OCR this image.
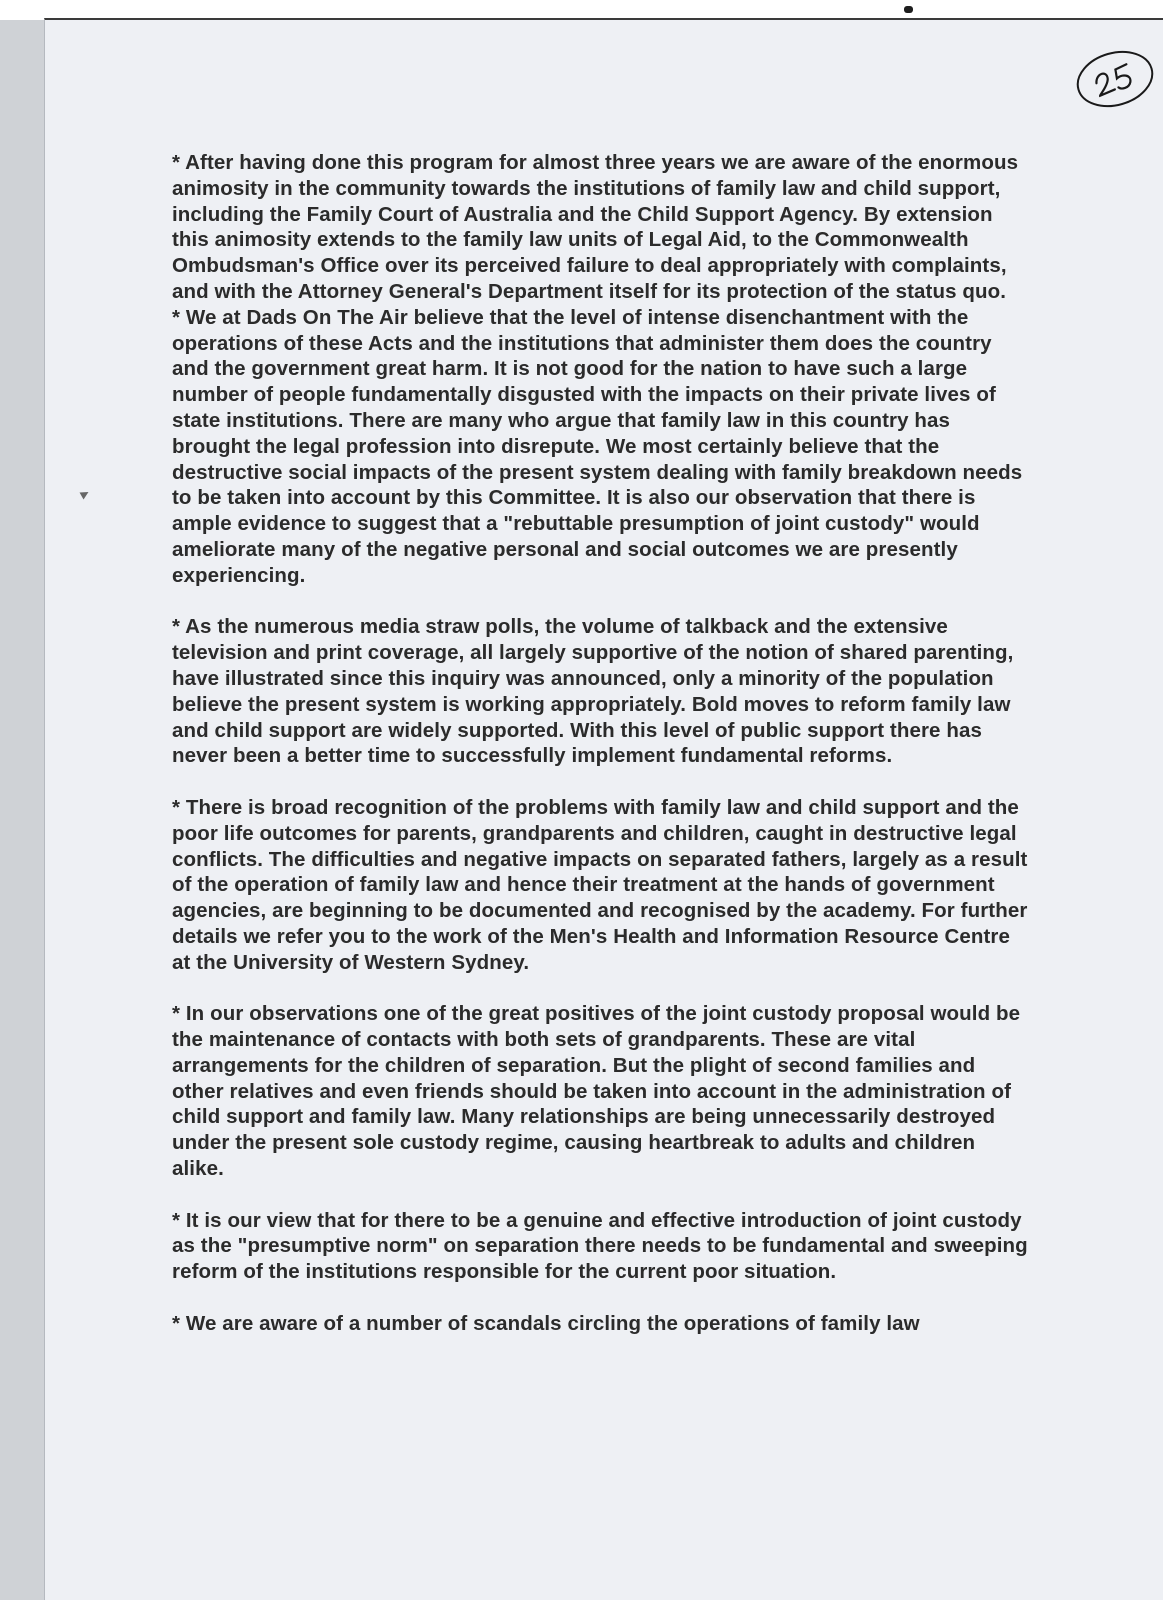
* After having done this program for almost three years we are aware of the enormous animosity in the community towards the institutions of family law and child support, including the Family Court of Australia and the Child Support Agency. By extension this animosity extends to the family law units of Legal Aid, to the Commonwealth Ombudsman's Office over its perceived failure to deal appropriately with complaints, and with the Attorney General's Department itself for its protection of the status quo.

* We at Dads On The Air believe that the level of intense disenchantment with the operations of these Acts and the institutions that administer them does the country and the government great harm. It is not good for the nation to have such a large number of people fundamentally disgusted with the impacts on their private lives of state institutions. There are many who argue that family law in this country has brought the legal profession into disrepute. We most certainly believe that the destructive social impacts of the present system dealing with family breakdown needs to be taken into account by this Committee. It is also our observation that there is ample evidence to suggest that a "rebuttable presumption of joint custody" would ameliorate many of the negative personal and social outcomes we are presently experiencing.

* As the numerous media straw polls, the volume of talkback and the extensive television and print coverage, all largely supportive of the notion of shared parenting, have illustrated since this inquiry was announced, only a minority of the population believe the present system is working appropriately. Bold moves to reform family law and child support are widely supported. With this level of public support there has never been a better time to successfully implement fundamental reforms.

* There is broad recognition of the problems with family law and child support and the poor life outcomes for parents, grandparents and children, caught in destructive legal conflicts. The difficulties and negative impacts on separated fathers, largely as a result of the operation of family law and hence their treatment at the hands of government agencies, are beginning to be documented and recognised by the academy. For further details we refer you to the work of the Men's Health and Information Resource Centre at the University of Western Sydney.

* In our observations one of the great positives of the joint custody proposal would be the maintenance of contacts with both sets of grandparents. These are vital arrangements for the children of separation. But the plight of second families and other relatives and even friends should be taken into account in the administration of child support and family law. Many relationships are being unnecessarily destroyed under the present sole custody regime, causing heartbreak to adults and children alike.

* It is our view that for there to be a genuine and effective introduction of joint custody as the "presumptive norm" on separation there needs to be fundamental and sweeping reform of the institutions responsible for the current poor situation.

* We are aware of a number of scandals circling the operations of family law
